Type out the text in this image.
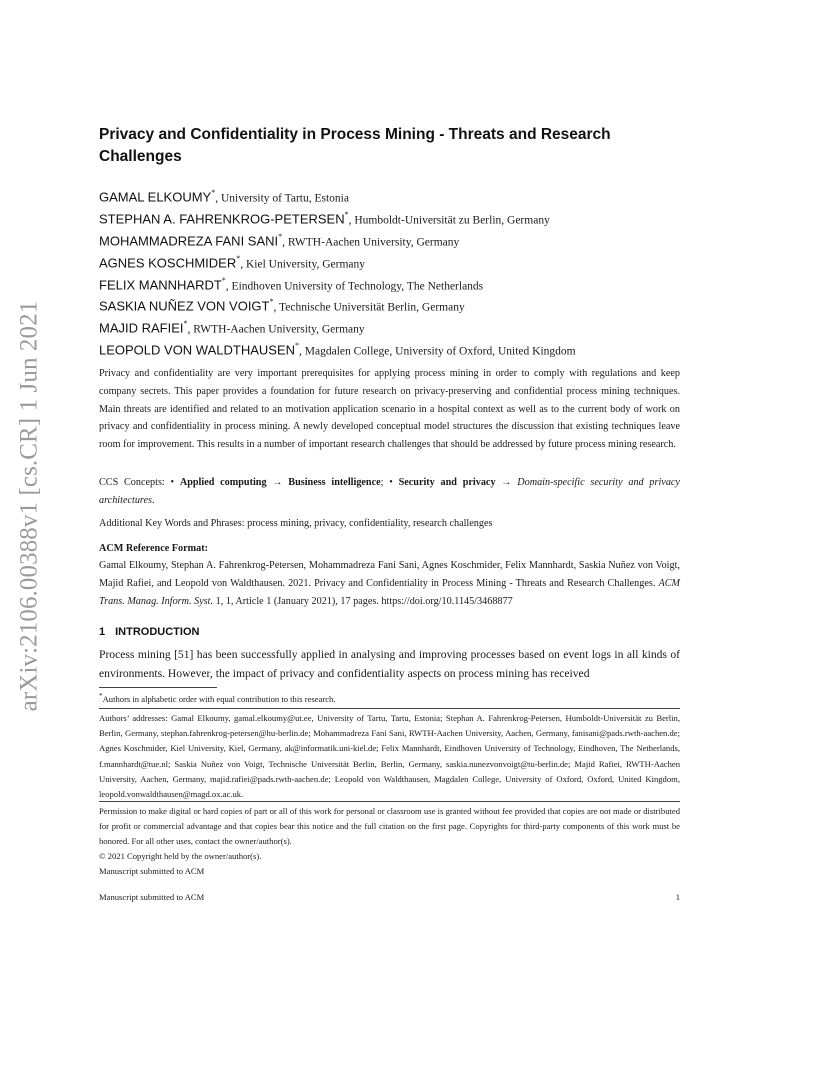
arXiv:2106.00388v1 [cs.CR] 1 Jun 2021
Privacy and Confidentiality in Process Mining - Threats and Research Challenges
GAMAL ELKOUMY*, University of Tartu, Estonia
STEPHAN A. FAHRENKROG-PETERSEN*, Humboldt-Universität zu Berlin, Germany
MOHAMMADREZA FANI SANI*, RWTH-Aachen University, Germany
AGNES KOSCHMIDER*, Kiel University, Germany
FELIX MANNHARDT*, Eindhoven University of Technology, The Netherlands
SASKIA NUÑEZ VON VOIGT*, Technische Universität Berlin, Germany
MAJID RAFIEI*, RWTH-Aachen University, Germany
LEOPOLD VON WALDTHAUSEN*, Magdalen College, University of Oxford, United Kingdom

Privacy and confidentiality are very important prerequisites for applying process mining in order to comply with regulations and keep company secrets. This paper provides a foundation for future research on privacy-preserving and confidential process mining techniques. Main threats are identified and related to an motivation application scenario in a hospital context as well as to the current body of work on privacy and confidentiality in process mining. A newly developed conceptual model structures the discussion that existing techniques leave room for improvement. This results in a number of important research challenges that should be addressed by future process mining research.

CCS Concepts: • Applied computing → Business intelligence; • Security and privacy → Domain-specific security and privacy architectures.

Additional Key Words and Phrases: process mining, privacy, confidentiality, research challenges

ACM Reference Format:

Gamal Elkoumy, Stephan A. Fahrenkrog-Petersen, Mohammadreza Fani Sani, Agnes Koschmider, Felix Mannhardt, Saskia Nuñez von Voigt, Majid Rafiei, and Leopold von Waldthausen. 2021. Privacy and Confidentiality in Process Mining - Threats and Research Challenges. ACM Trans. Manag. Inform. Syst. 1, 1, Article 1 (January 2021), 17 pages. https://doi.org/10.1145/3468877

1 INTRODUCTION

Process mining [51] has been successfully applied in analysing and improving processes based on event logs in all kinds of environments. However, the impact of privacy and confidentiality aspects on process mining has received

*Authors in alphabetic order with equal contribution to this research.

Authors’ addresses: Gamal Elkoumy, gamal.elkoumy@ut.ee, University of Tartu, Tartu, Estonia; Stephan A. Fahrenkrog-Petersen, Humboldt-Universität zu Berlin, Berlin, Germany, stephan.fahrenkrog-petersen@hu-berlin.de; Mohammadreza Fani Sani, RWTH-Aachen University, Aachen, Germany, fanisani@pads.rwth-aachen.de; Agnes Koschmider, Kiel University, Kiel, Germany, ak@informatik.uni-kiel.de; Felix Mannhardt, Eindhoven University of Technology, Eindhoven, The Netherlands, f.mannhardt@tue.nl; Saskia Nuñez von Voigt, Technische Universität Berlin, Berlin, Germany, saskia.nunezvonvoigt@tu-berlin.de; Majid Rafiei, RWTH-Aachen University, Aachen, Germany, majid.rafiei@pads.rwth-aachen.de; Leopold von Waldthausen, Magdalen College, University of Oxford, Oxford, United Kingdom, leopold.vonwaldthausen@magd.ox.ac.uk.

Permission to make digital or hard copies of part or all of this work for personal or classroom use is granted without fee provided that copies are not made or distributed for profit or commercial advantage and that copies bear this notice and the full citation on the first page. Copyrights for third-party components of this work must be honored. For all other uses, contact the owner/author(s).

© 2021 Copyright held by the owner/author(s).

Manuscript submitted to ACM

Manuscript submitted to ACM	1
